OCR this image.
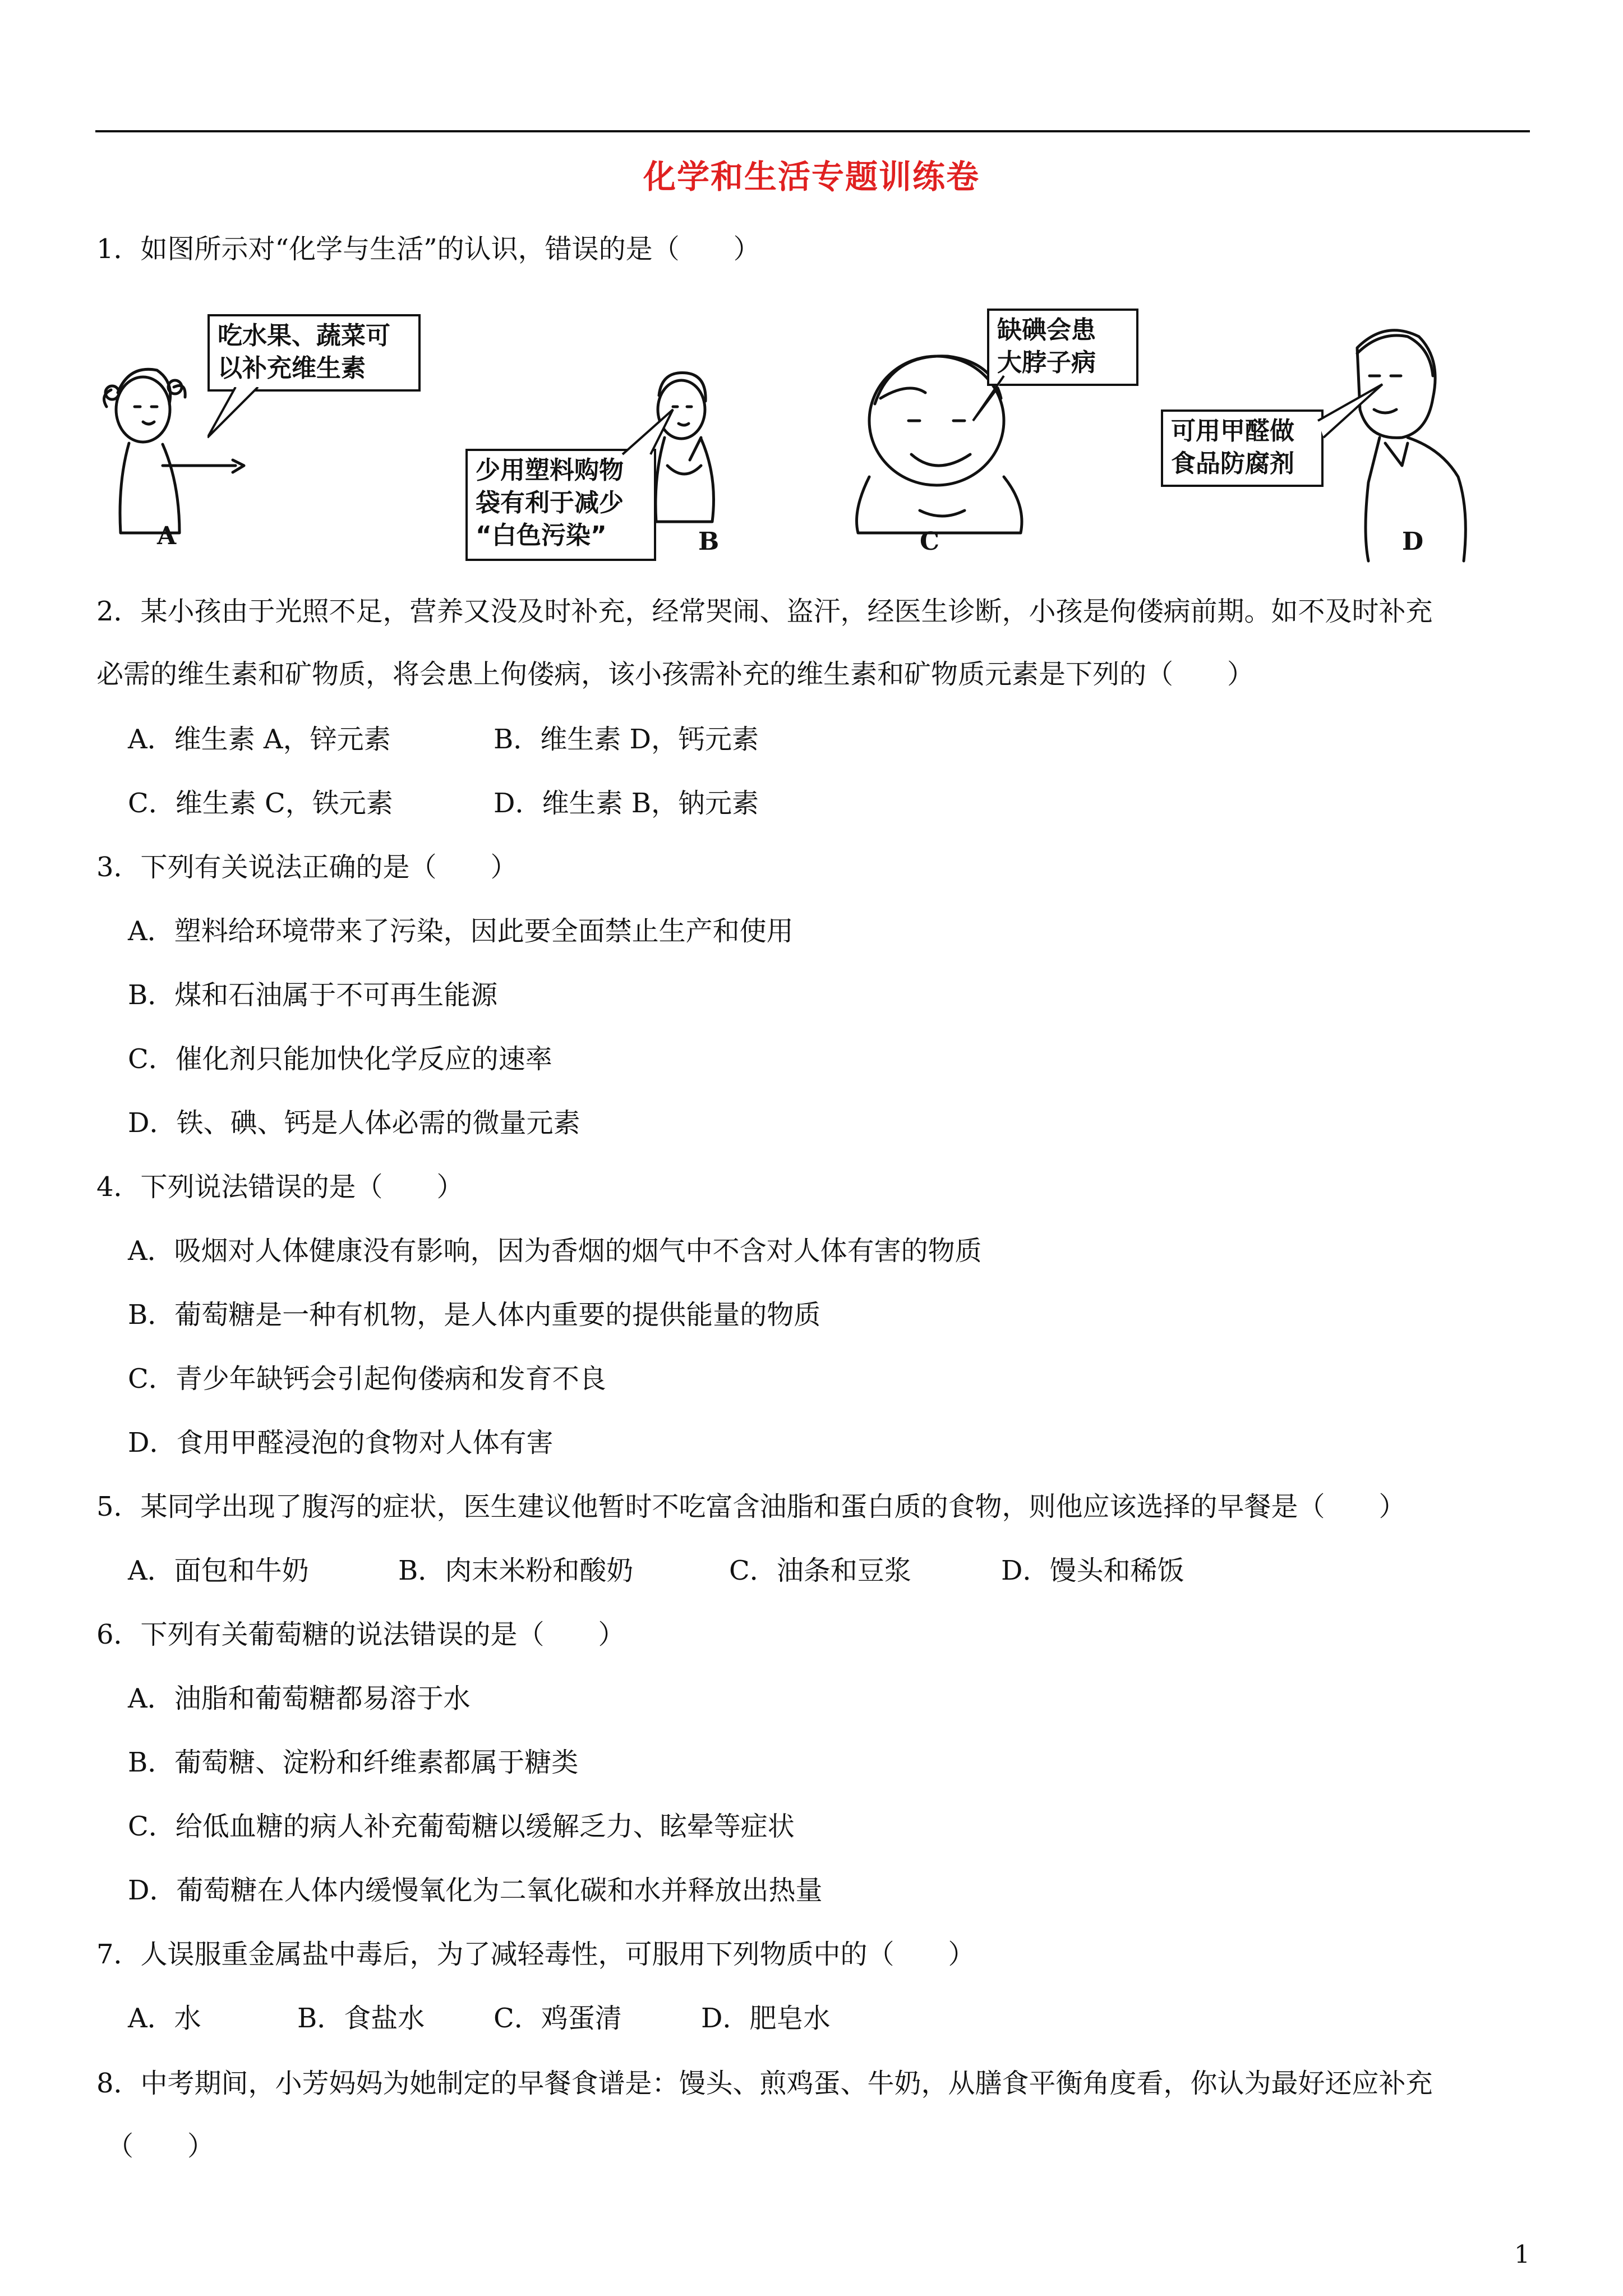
化学和生活专题训练卷
1．如图所示对“化学与生活”的认识，错误的是（　　）
吃水果、蔬菜可
以补充维生素
少用塑料购物
袋有利于减少
“白色污染”
缺碘会患
大脖子病
可用甲醛做
食品防腐剂
A	B	C	D
2．某小孩由于光照不足，营养又没及时补充，经常哭闹、盗汗，经医生诊断，小孩是佝偻病前期。如不及时补充
必需的维生素和矿物质，将会患上佝偻病，该小孩需补充的维生素和矿物质元素是下列的（　　）
A．维生素 A，锌元素	B．维生素 D，钙元素
C．维生素 C，铁元素	D．维生素 B，钠元素
3．下列有关说法正确的是（　　）
A．塑料给环境带来了污染，因此要全面禁止生产和使用
B．煤和石油属于不可再生能源
C．催化剂只能加快化学反应的速率
D．铁、碘、钙是人体必需的微量元素
4．下列说法错误的是（　　）
A．吸烟对人体健康没有影响，因为香烟的烟气中不含对人体有害的物质
B．葡萄糖是一种有机物，是人体内重要的提供能量的物质
C．青少年缺钙会引起佝偻病和发育不良
D．食用甲醛浸泡的食物对人体有害
5．某同学出现了腹泻的症状，医生建议他暂时不吃富含油脂和蛋白质的食物，则他应该选择的早餐是（　　）
A．面包和牛奶	B．肉末米粉和酸奶	C．油条和豆浆	D．馒头和稀饭
6．下列有关葡萄糖的说法错误的是（　　）
A．油脂和葡萄糖都易溶于水
B．葡萄糖、淀粉和纤维素都属于糖类
C．给低血糖的病人补充葡萄糖以缓解乏力、眩晕等症状
D．葡萄糖在人体内缓慢氧化为二氧化碳和水并释放出热量
7．人误服重金属盐中毒后，为了减轻毒性，可服用下列物质中的（　　）
A．水	B．食盐水	C．鸡蛋清	D．肥皂水
8．中考期间，小芳妈妈为她制定的早餐食谱是：馒头、煎鸡蛋、牛奶，从膳食平衡角度看，你认为最好还应补充
（　　）
1
